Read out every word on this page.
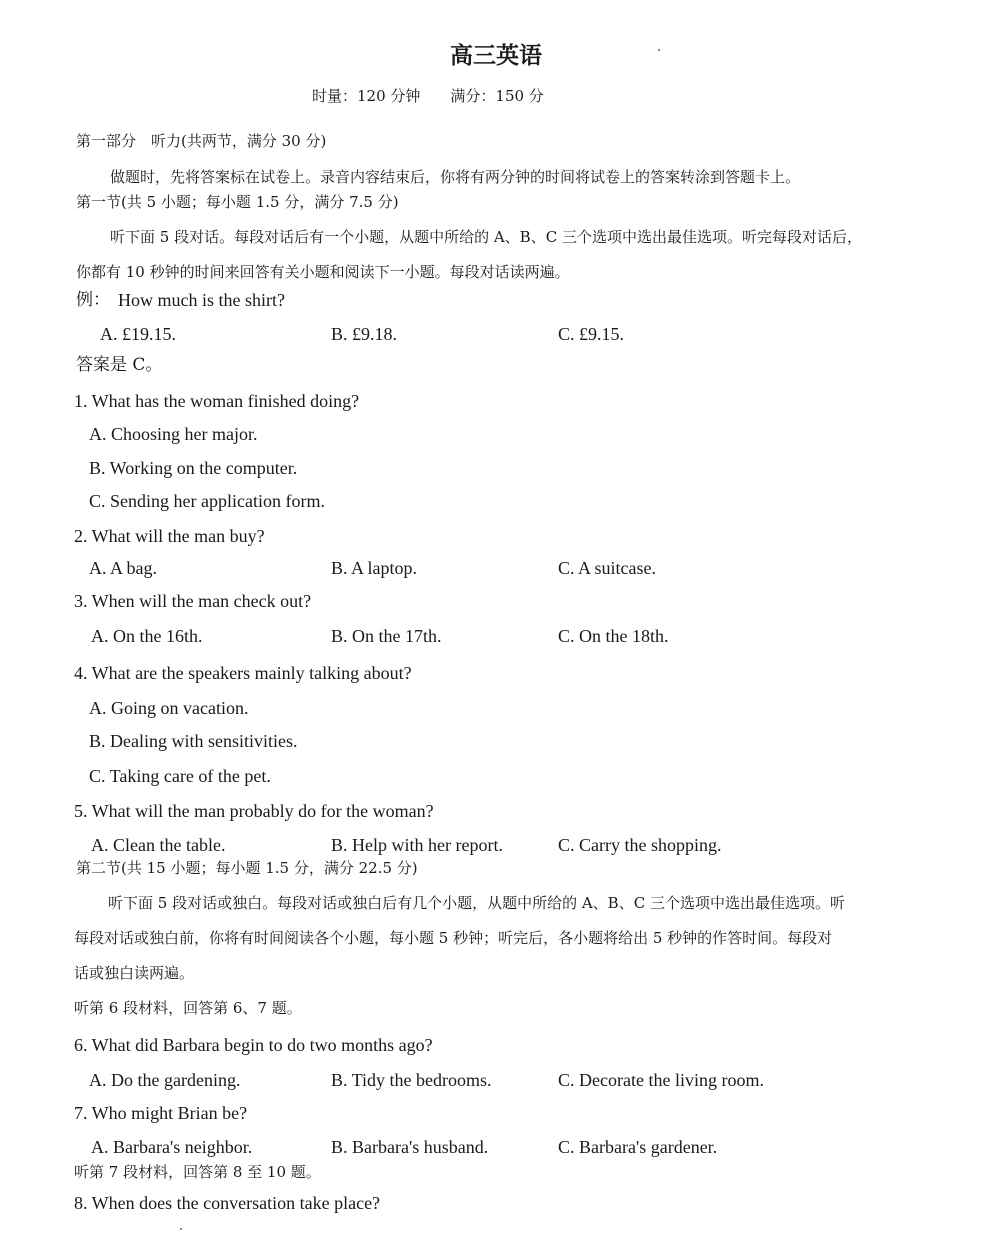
高三英语
时量：120 分钟　　满分：150 分
第一部分　听力(共两节，满分 30 分)
做题时，先将答案标在试卷上。录音内容结束后，你将有两分钟的时间将试卷上的答案转涂到答题卡上。
第一节(共 5 小题；每小题 1.5 分，满分 7.5 分)
听下面 5 段对话。每段对话后有一个小题，从题中所给的 A、B、C 三个选项中选出最佳选项。听完每段对话后，
你都有 10 秒钟的时间来回答有关小题和阅读下一小题。每段对话读两遍。
例： How much is the shirt?
A. £19.15.	B. £9.18.	C. £9.15.
答案是 C。
1. What has the woman finished doing?
A. Choosing her major.
B. Working on the computer.
C. Sending her application form.
2. What will the man buy?
A. A bag.	B. A laptop.	C. A suitcase.
3. When will the man check out?
A. On the 16th.	B. On the 17th.	C. On the 18th.
4. What are the speakers mainly talking about?
A. Going on vacation.
B. Dealing with sensitivities.
C. Taking care of the pet.
5. What will the man probably do for the woman?
A. Clean the table.	B. Help with her report.	C. Carry the shopping.
第二节(共 15 小题；每小题 1.5 分，满分 22.5 分)
听下面 5 段对话或独白。每段对话或独白后有几个小题，从题中所给的 A、B、C 三个选项中选出最佳选项。听
每段对话或独白前，你将有时间阅读各个小题，每小题 5 秒钟；听完后，各小题将给出 5 秒钟的作答时间。每段对
话或独白读两遍。
听第 6 段材料，回答第 6、7 题。
6. What did Barbara begin to do two months ago?
A. Do the gardening.	B. Tidy the bedrooms.	C. Decorate the living room.
7. Who might Brian be?
A. Barbara's neighbor.	B. Barbara's husband.	C. Barbara's gardener.
听第 7 段材料，回答第 8 至 10 题。
8. When does the conversation take place?
